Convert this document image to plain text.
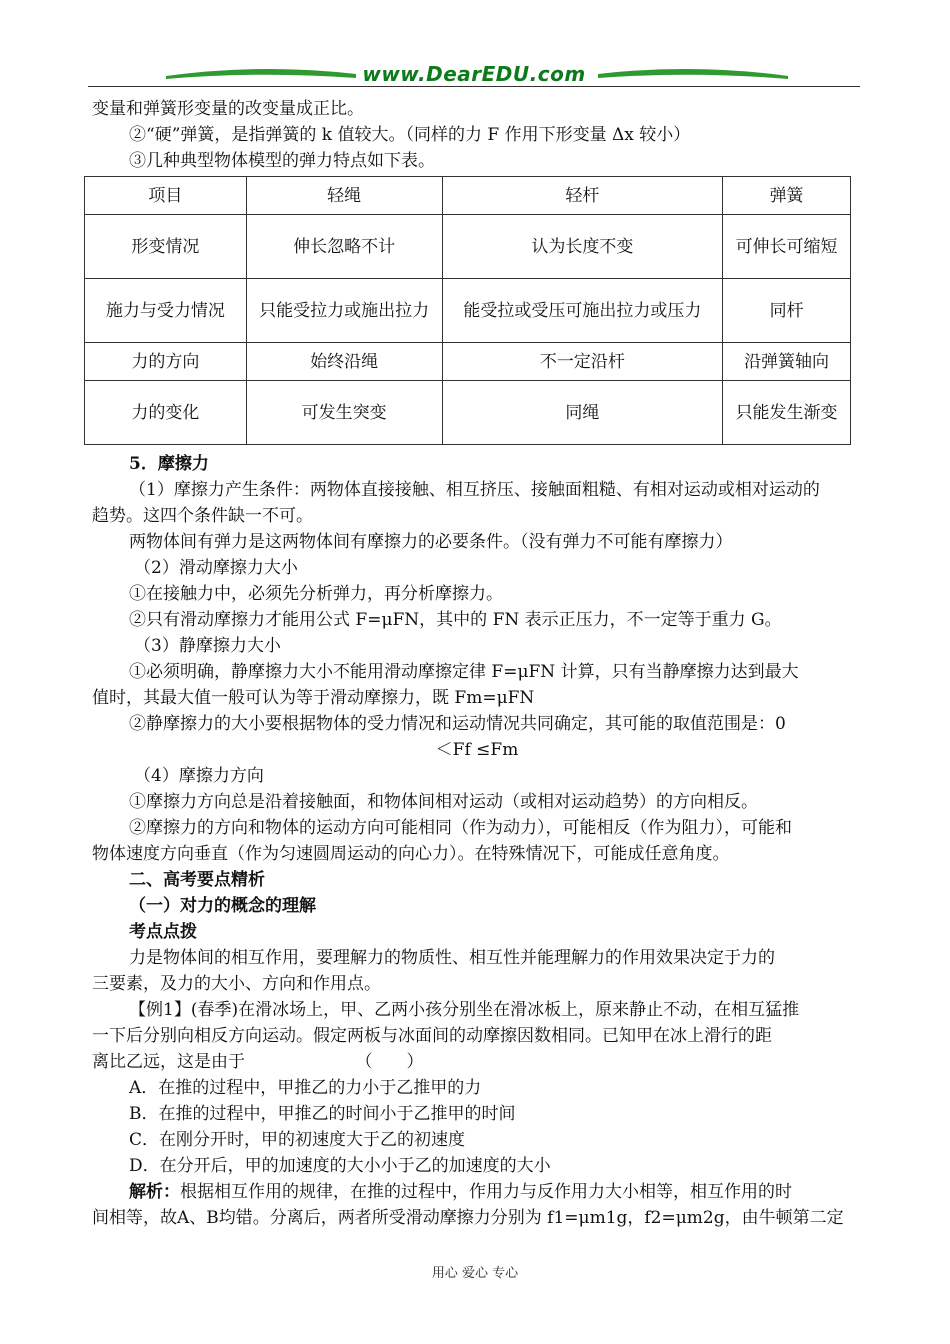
www.DearEDU.com
变量和弹簧形变量的改变量成正比。
②“硬”弹簧，是指弹簧的 k 值较大。（同样的力 F 作用下形变量 Δx 较小）
③几种典型物体模型的弹力特点如下表。
项目	轻绳	轻杆	弹簧
形变情况	伸长忽略不计	认为长度不变	可伸长可缩短
施力与受力情况	只能受拉力或施出拉力	能受拉或受压可施出拉力或压力	同杆
力的方向	始终沿绳	不一定沿杆	沿弹簧轴向
力的变化	可发生突变	同绳	只能发生渐变
5．摩擦力
（1）摩擦力产生条件：两物体直接接触、相互挤压、接触面粗糙、有相对运动或相对运动的
趋势。这四个条件缺一不可。
两物体间有弹力是这两物体间有摩擦力的必要条件。（没有弹力不可能有摩擦力）
（2）滑动摩擦力大小
①在接触力中，必须先分析弹力，再分析摩擦力。
②只有滑动摩擦力才能用公式 F=μFN，其中的 FN 表示正压力，不一定等于重力 G。
（3）静摩擦力大小
①必须明确，静摩擦力大小不能用滑动摩擦定律 F=μFN 计算，只有当静摩擦力达到最大
值时，其最大值一般可认为等于滑动摩擦力，既 Fm=μFN
②静摩擦力的大小要根据物体的受力情况和运动情况共同确定，其可能的取值范围是：0
＜Ff ≤Fm
（4）摩擦力方向
①摩擦力方向总是沿着接触面，和物体间相对运动（或相对运动趋势）的方向相反。
②摩擦力的方向和物体的运动方向可能相同（作为动力），可能相反（作为阻力），可能和
物体速度方向垂直（作为匀速圆周运动的向心力）。在特殊情况下，可能成任意角度。
二、高考要点精析
（一）对力的概念的理解
考点点拨
力是物体间的相互作用，要理解力的物质性、相互性并能理解力的作用效果决定于力的
三要素，及力的大小、方向和作用点。
【例1】(春季)在滑冰场上，甲、乙两小孩分别坐在滑冰板上，原来静止不动，在相互猛推
一下后分别向相反方向运动。假定两板与冰面间的动摩擦因数相同。已知甲在冰上滑行的距
离比乙远，这是由于　　　　　　　（　　）
A．在推的过程中，甲推乙的力小于乙推甲的力
B．在推的过程中，甲推乙的时间小于乙推甲的时间
C．在刚分开时，甲的初速度大于乙的初速度
D．在分开后，甲的加速度的大小小于乙的加速度的大小
解析：根据相互作用的规律，在推的过程中，作用力与反作用力大小相等，相互作用的时
间相等，故A、B均错。分离后，两者所受滑动摩擦力分别为 f1=μm1g，f2=μm2g，由牛顿第二定
用心 爱心 专心
